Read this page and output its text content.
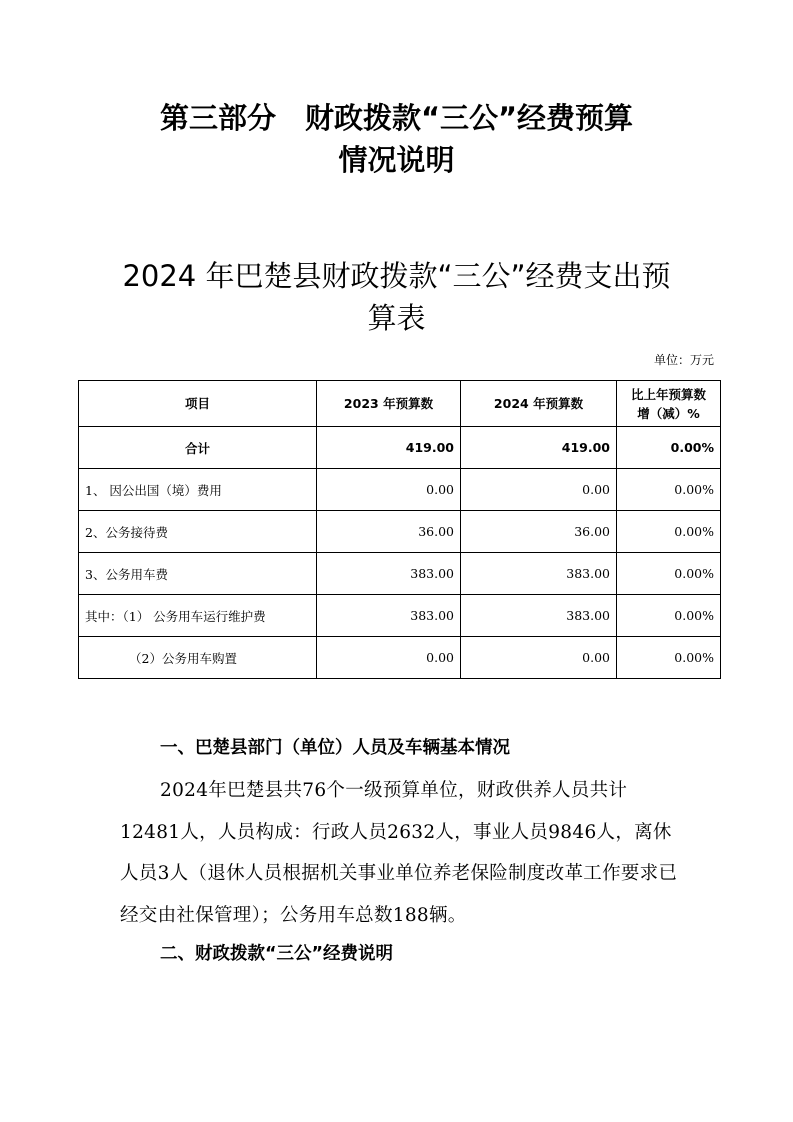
第三部分　财政拨款“三公”经费预算
情况说明
2024 年巴楚县财政拨款“三公”经费支出预
算表
单位：万元
项目	2023 年预算数	2024 年预算数	比上年预算数
增（减）%
合计	419.00	419.00	0.00%
1、 因公出国（境）费用	0.00	0.00	0.00%
2、公务接待费	36.00	36.00	0.00%
3、公务用车费	383.00	383.00	0.00%
其中：（1） 公务用车运行维护费	383.00	383.00	0.00%
（2）公务用车购置	0.00	0.00	0.00%
一、巴楚县部门（单位）人员及车辆基本情况
2024年巴楚县共76个一级预算单位，财政供养人员共计12481人，人员构成：行政人员2632人，事业人员9846人，离休人员3人（退休人员根据机关事业单位养老保险制度改革工作要求已经交由社保管理）；公务用车总数188辆。
二、财政拨款“三公”经费说明
